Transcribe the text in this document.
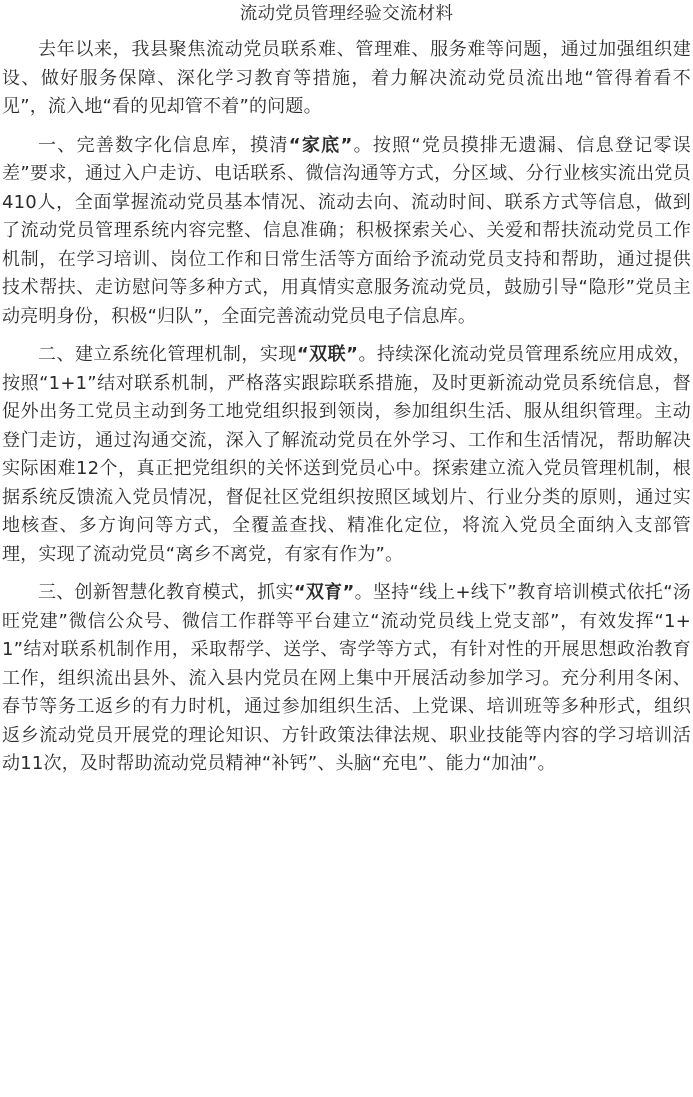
流动党员管理经验交流材料

去年以来，我县聚焦流动党员联系难、管理难、服务难等问题，通过加强组织建设、做好服务保障、深化学习教育等措施，着力解决流动党员流出地“管得着看不见”，流入地“看的见却管不着”的问题。

一、完善数字化信息库，摸清“家底”。按照“党员摸排无遗漏、信息登记零误差”要求，通过入户走访、电话联系、微信沟通等方式，分区域、分行业核实流出党员410人，全面掌握流动党员基本情况、流动去向、流动时间、联系方式等信息，做到了流动党员管理系统内容完整、信息准确；积极探索关心、关爱和帮扶流动党员工作机制，在学习培训、岗位工作和日常生活等方面给予流动党员支持和帮助，通过提供技术帮扶、走访慰问等多种方式，用真情实意服务流动党员，鼓励引导“隐形”党员主动亮明身份，积极“归队”，全面完善流动党员电子信息库。

二、建立系统化管理机制，实现“双联”。持续深化流动党员管理系统应用成效，按照“1+1”结对联系机制，严格落实跟踪联系措施，及时更新流动党员系统信息，督促外出务工党员主动到务工地党组织报到领岗，参加组织生活、服从组织管理。主动登门走访，通过沟通交流，深入了解流动党员在外学习、工作和生活情况，帮助解决实际困难12个，真正把党组织的关怀送到党员心中。探索建立流入党员管理机制，根据系统反馈流入党员情况，督促社区党组织按照区域划片、行业分类的原则，通过实地核查、多方询问等方式，全覆盖查找、精准化定位，将流入党员全面纳入支部管理，实现了流动党员“离乡不离党，有家有作为”。

三、创新智慧化教育模式，抓实“双育”。坚持“线上+线下”教育培训模式依托“汤旺党建”微信公众号、微信工作群等平台建立“流动党员线上党支部”，有效发挥“1+1”结对联系机制作用，采取帮学、送学、寄学等方式，有针对性的开展思想政治教育工作，组织流出县外、流入县内党员在网上集中开展活动参加学习。充分利用冬闲、春节等务工返乡的有力时机，通过参加组织生活、上党课、培训班等多种形式，组织返乡流动党员开展党的理论知识、方针政策法律法规、职业技能等内容的学习培训活动11次，及时帮助流动党员精神“补钙”、头脑“充电”、能力“加油”。
